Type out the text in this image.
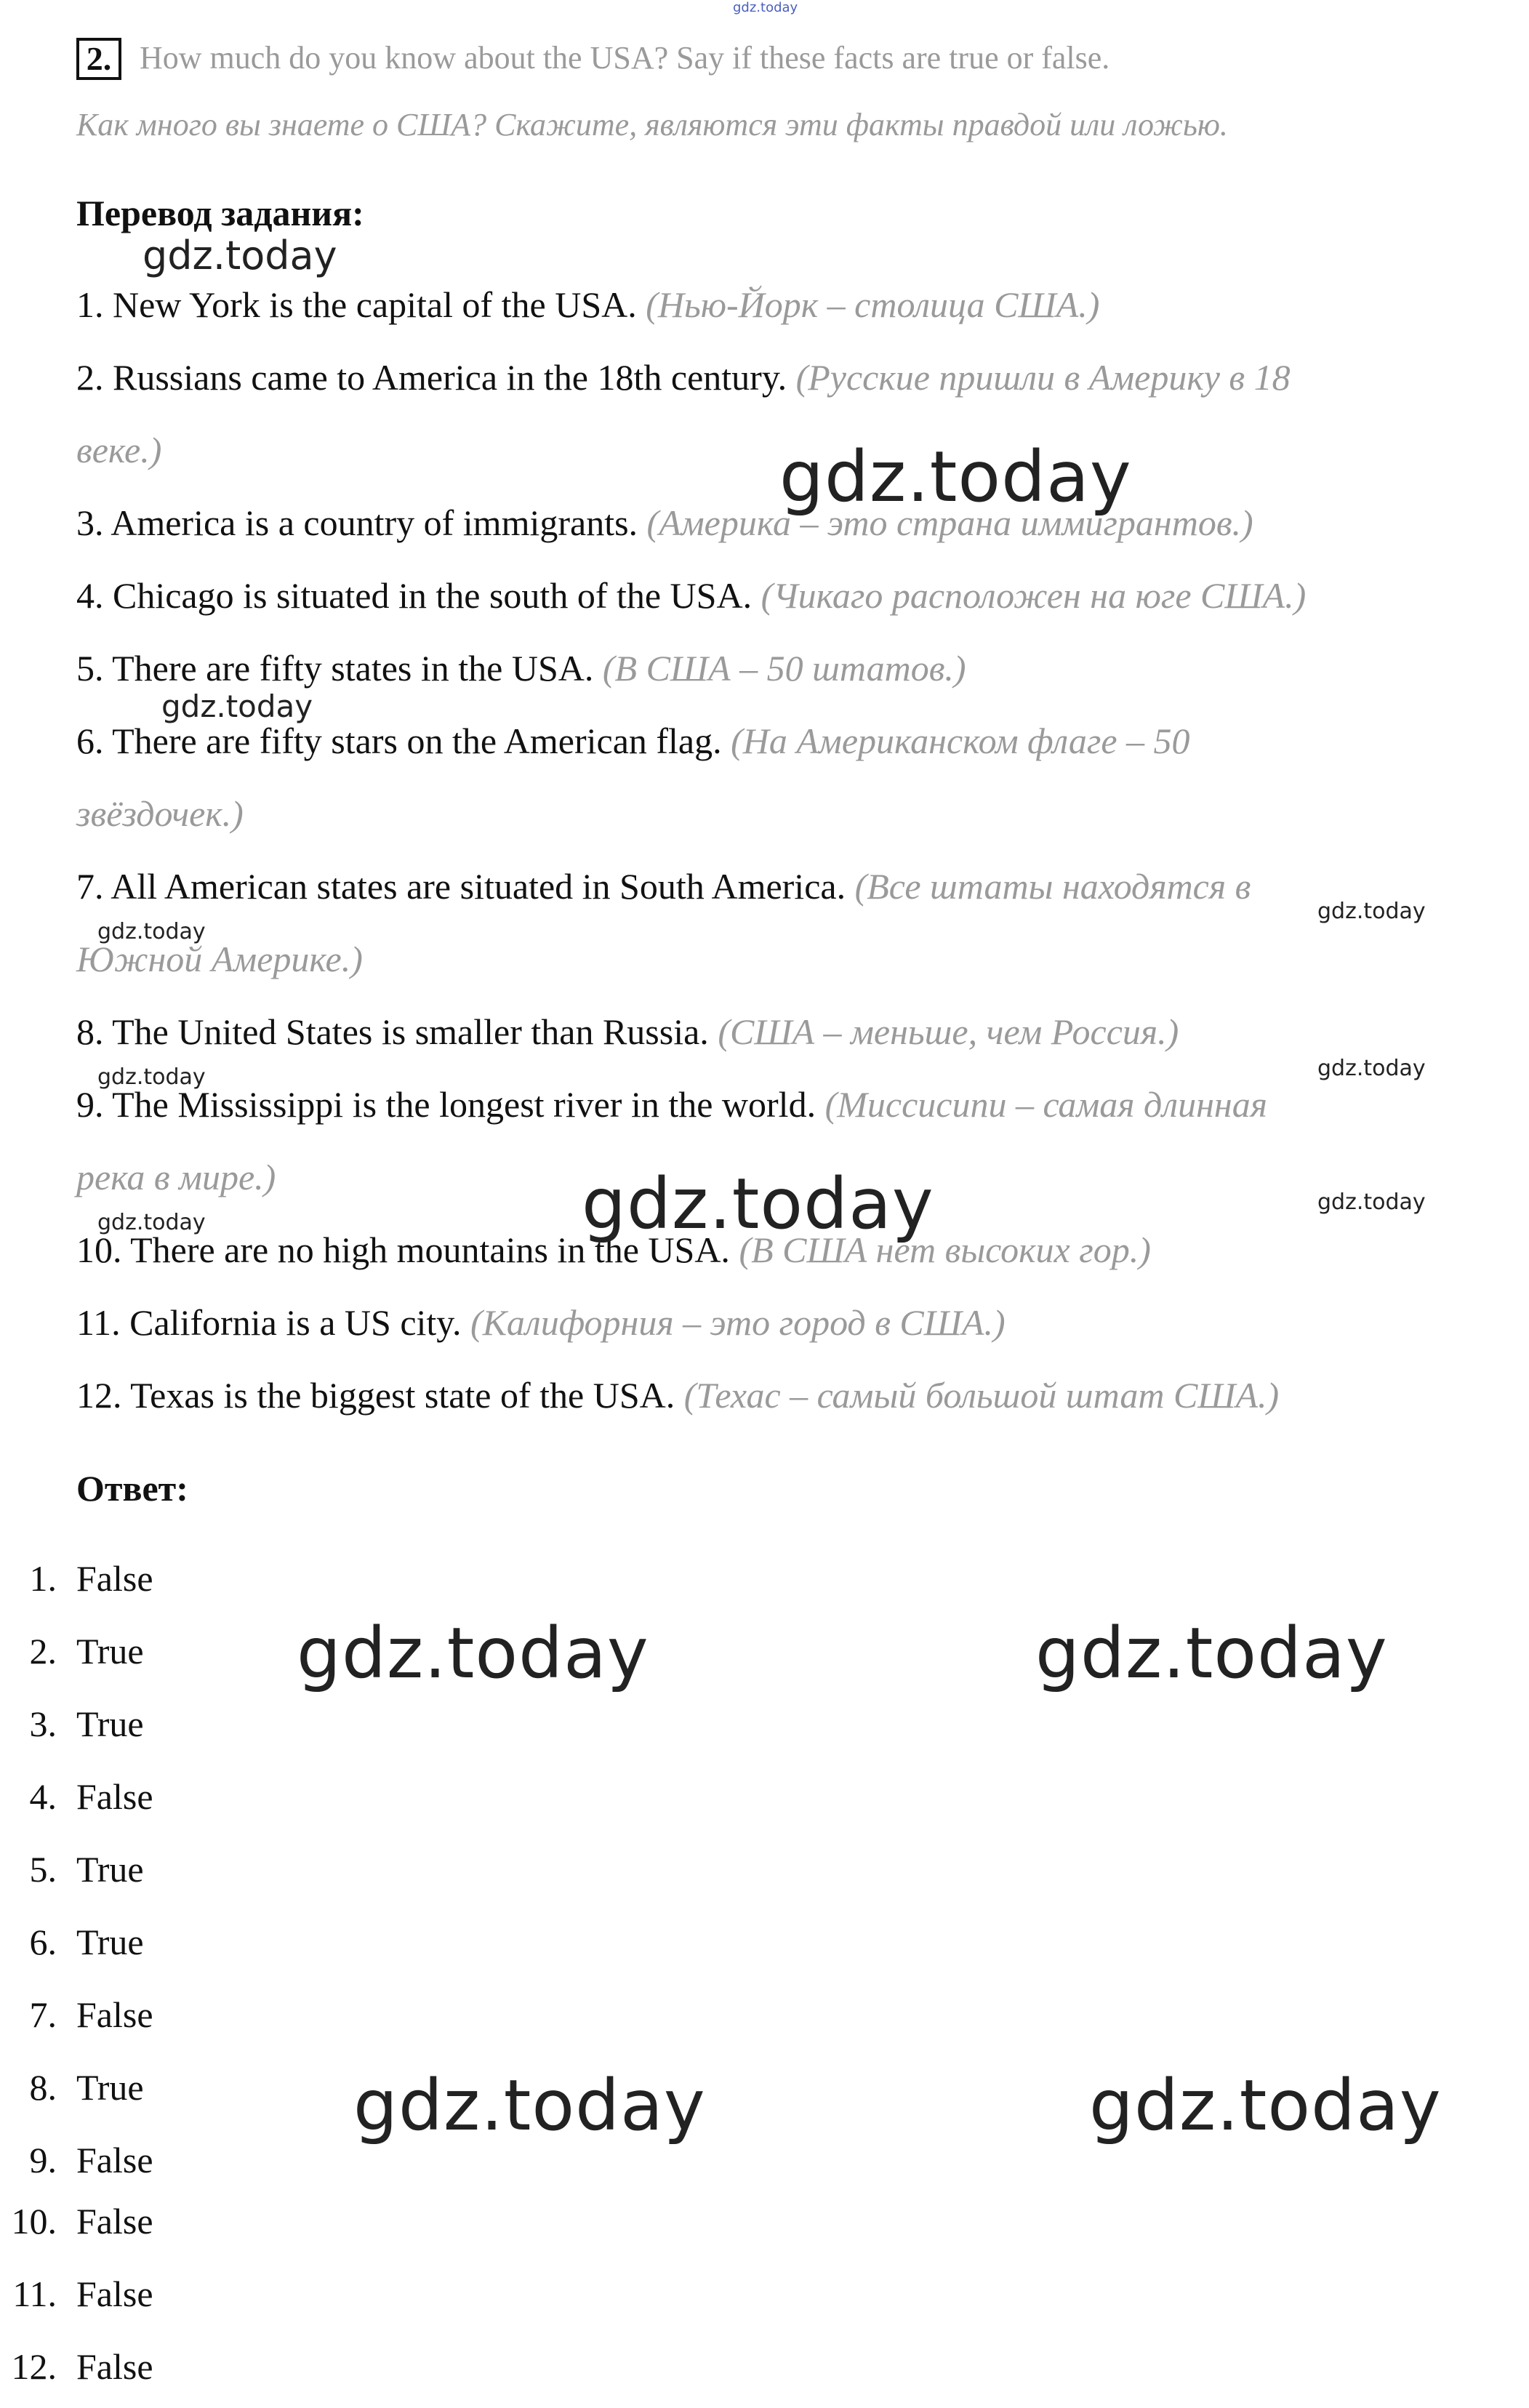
gdz.today
2. How much do you know about the USA? Say if these facts are true or false.
Как много вы знаете о США? Скажите, являются эти факты правдой или ложью.
Перевод задания:
1. New York is the capital of the USA. (Нью-Йорк – столица США.)
2. Russians came to America in the 18th century. (Русские пришли в Америку в 18
веке.)
3. America is a country of immigrants. (Америка – это страна иммигрантов.)
4. Chicago is situated in the south of the USA. (Чикаго расположен на юге США.)
5. There are fifty states in the USA. (В США – 50 штатов.)
6. There are fifty stars on the American flag. (На Американском флаге – 50
звёздочек.)
7. All American states are situated in South America. (Все штаты находятся в
Южной Америке.)
8. The United States is smaller than Russia. (США – меньше, чем Россия.)
9. The Mississippi is the longest river in the world. (Миссисипи – самая длинная
река в мире.)
10. There are no high mountains in the USA. (В США нет высоких гор.)
11. California is a US city. (Калифорния – это город в США.)
12. Texas is the biggest state of the USA. (Техас – самый большой штат США.)
Ответ:
1. False
2. True
3. True
4. False
5. True
6. True
7. False
8. True
9. False
10. False
11. False
12. False
gdz.today
gdz.today
gdz.today
gdz.today
gdz.today
gdz.today	gdz.today
gdz.today
gdz.today
gdz.today
gdz.today	gdz.today
gdz.today	gdz.today
